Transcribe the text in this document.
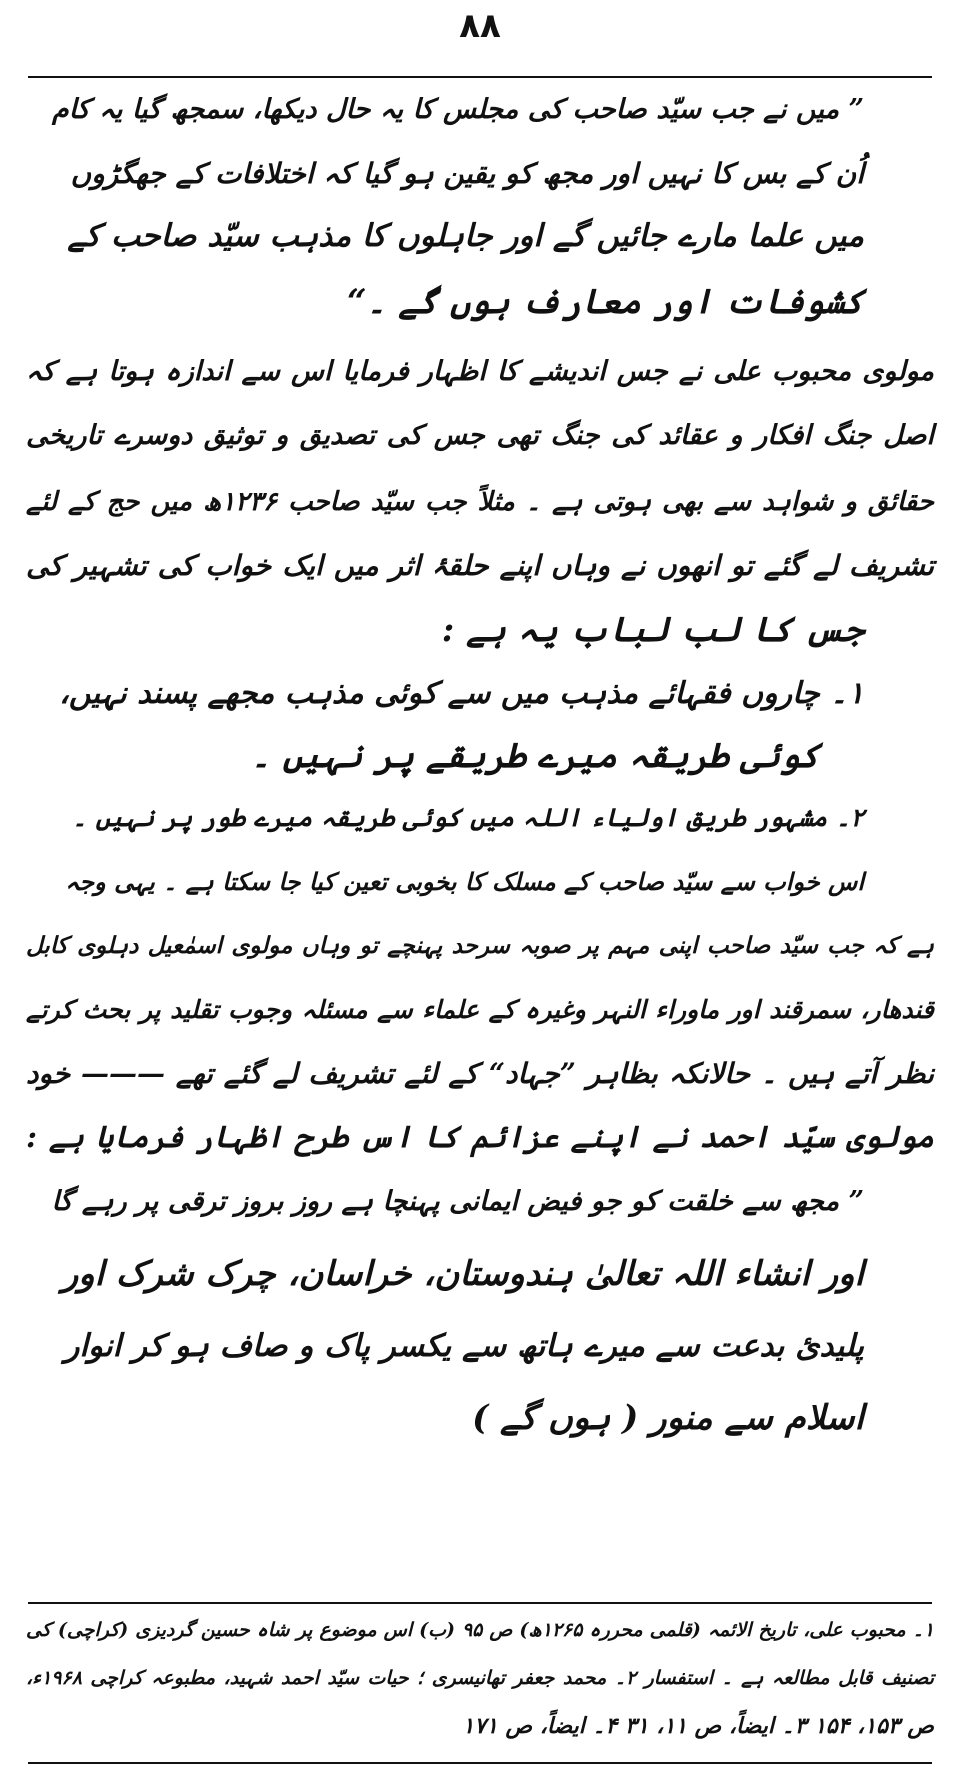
۸۸
” میں نے جب سیّد صاحب کی مجلس کا یہ حال دیکھا، سمجھ گیا یہ کام
اُن کے بس کا نہیں اور مجھ کو یقین ہو گیا کہ اختلافات کے جھگڑوں
میں علما مارے جائیں گے اور جاہلوں کا مذہب سیّد صاحب کے
کشوفات اور معارف ہوں گے ۔“
مولوی محبوب علی نے جس اندیشے کا اظہار فرمایا اس سے اندازہ ہوتا ہے کہ
اصل جنگ افکار و عقائد کی جنگ تھی جس کی تصدیق و توثیق دوسرے تاریخی
حقائق و شواہد سے بھی ہوتی ہے ۔ مثلاً جب سیّد صاحب ۱۲۳۶ھ میں حج کے لئے
تشریف لے گئے تو انھوں نے وہاں اپنے حلقۂ اثر میں ایک خواب کی تشہیر کی
جس کا لب لباب یہ ہے :
۱۔ چاروں فقہائے مذہب میں سے کوئی مذہب مجھے پسند نہیں،
کوئی طریقہ میرے طریقے پر نہیں ۔
۲۔ مشہور طریق اولیاء اللہ میں کوئی طریقہ میرے طور پر نہیں ۔
اس خواب سے سیّد صاحب کے مسلک کا بخوبی تعین کیا جا سکتا ہے ۔ یہی وجہ
ہے کہ جب سیّد صاحب اپنی مہم پر صوبہ سرحد پہنچے تو وہاں مولوی اسمٰعیل دہلوی کابل
قندھار، سمرقند اور ماوراء النہر وغیرہ کے علماء سے مسئلہ وجوب تقلید پر بحث کرتے
نظر آتے ہیں ۔ حالانکہ بظاہر ”جہاد“ کے لئے تشریف لے گئے تھے ——— خود
مولوی سیّد احمد نے اپنے عزائم کا اس طرح اظہار فرمایا ہے :
” مجھ سے خلقت کو جو فیض ایمانی پہنچا ہے روز بروز ترقی پر رہے گا
اور انشاء اللہ تعالیٰ ہندوستان، خراسان، چرک شرک اور
پلیدیٔ بدعت سے میرے ہاتھ سے یکسر پاک و صاف ہو کر انوار
اسلام سے منور ( ہوں گے )
۱۔ محبوب علی، تاریخ الائمہ (قلمی محررہ ۱۲۶۵ھ) ص ۹۵ (ب) اس موضوع پر شاہ حسین گردیزی (کراچی) کی
تصنیف قابل مطالعہ ہے ۔ استفسار ۲۔ محمد جعفر تھانیسری ؛ حیات سیّد احمد شہید، مطبوعہ کراچی ۱۹۶۸ء،
ص ۱۵۳، ۱۵۴ ۳۔ ایضاً، ص ۱۱، ۳۱ ۴۔ ایضاً، ص ۱۷۱
